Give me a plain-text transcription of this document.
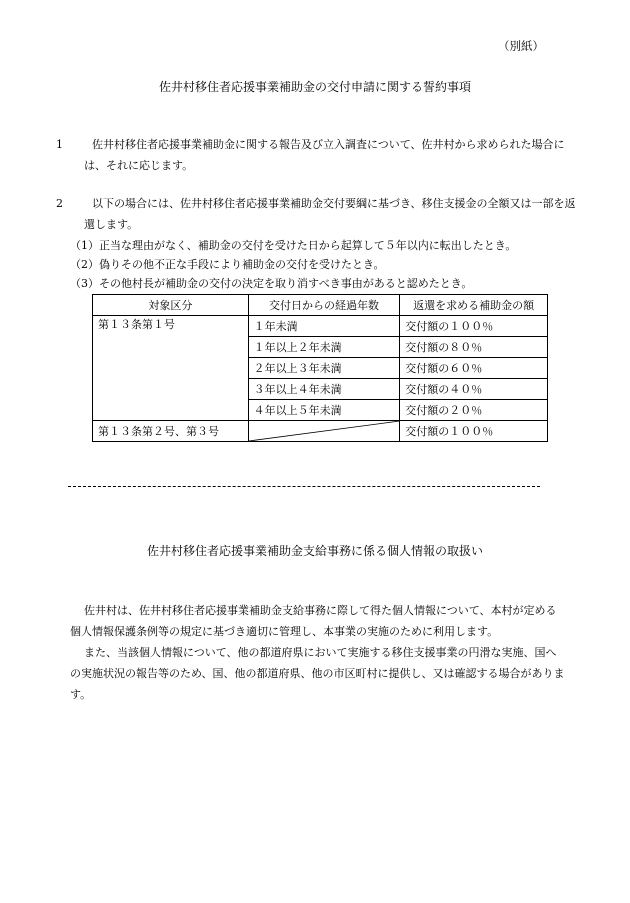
（別紙）
佐井村移住者応援事業補助金の交付申請に関する誓約事項
1	佐井村移住者応援事業補助金に関する報告及び立入調査について、佐井村から求められた場合には、それに応じます。
2	以下の場合には、佐井村移住者応援事業補助金交付要綱に基づき、移住支援金の全額又は一部を返還します。
（1）正当な理由がなく、補助金の交付を受けた日から起算して５年以内に転出したとき。
（2）偽りその他不正な手段により補助金の交付を受けたとき。
（3）その他村長が補助金の交付の決定を取り消すべき事由があると認めたとき。
対象区分	交付日からの経過年数	返還を求める補助金の額
第１３条第１号	１年未満	交付額の１００％
	１年以上２年未満	交付額の８０％
	２年以上３年未満	交付額の６０％
	３年以上４年未満	交付額の４０％
	４年以上５年未満	交付額の２０％
第１３条第２号、第３号		交付額の１００％
佐井村移住者応援事業補助金支給事務に係る個人情報の取扱い
佐井村は、佐井村移住者応援事業補助金支給事務に際して得た個人情報について、本村が定める個人情報保護条例等の規定に基づき適切に管理し、本事業の実施のために利用します。
また、当該個人情報について、他の都道府県において実施する移住支援事業の円滑な実施、国への実施状況の報告等のため、国、他の都道府県、他の市区町村に提供し、又は確認する場合があります。
